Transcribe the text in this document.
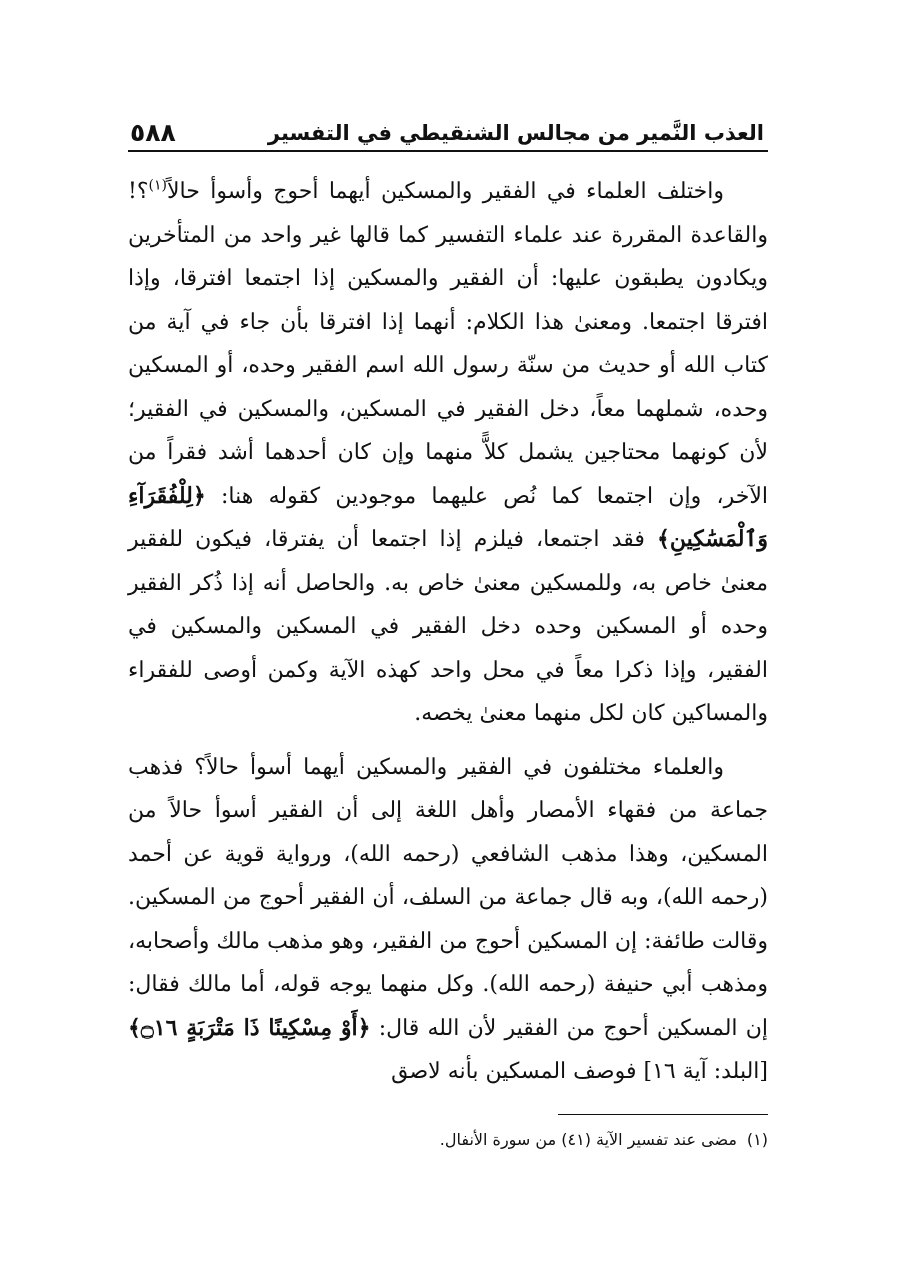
العذب النَّمير من مجالس الشنقيطي في التفسير
٥٨٨

واختلف العلماء في الفقير والمسكين أيهما أحوج وأسوأ حالاً$^{(١)}$؟! والقاعدة المقررة عند علماء التفسير كما قالها غير واحد من المتأخرين ويكادون يطبقون عليها: أن الفقير والمسكين إذا اجتمعا افترقا، وإذا افترقا اجتمعا. ومعنىٰ هذا الكلام: أنهما إذا افترقا بأن جاء في آية من كتاب الله أو حديث من سنّة رسول الله اسم الفقير وحده، أو المسكين وحده، شملهما معاً، دخل الفقير في المسكين، والمسكين في الفقير؛ لأن كونهما محتاجين يشمل كلاًّ منهما وإن كان أحدهما أشد فقراً من الآخر، وإن اجتمعا كما نُص عليهما موجودين كقوله هنا: ﴿لِلْفُقَرَآءِ وَٱلْمَسَٰكِينِ﴾ فقد اجتمعا، فيلزم إذا اجتمعا أن يفترقا، فيكون للفقير معنىٰ خاص به، وللمسكين معنىٰ خاص به. والحاصل أنه إذا ذُكر الفقير وحده أو المسكين وحده دخل الفقير في المسكين والمسكين في الفقير، وإذا ذكرا معاً في محل واحد كهذه الآية وكمن أوصى للفقراء والمساكين كان لكل منهما معنىٰ يخصه.

والعلماء مختلفون في الفقير والمسكين أيهما أسوأ حالاً؟ فذهب جماعة من فقهاء الأمصار وأهل اللغة إلى أن الفقير أسوأ حالاً من المسكين، وهذا مذهب الشافعي (رحمه الله)، ورواية قوية عن أحمد (رحمه الله)، وبه قال جماعة من السلف، أن الفقير أحوج من المسكين. وقالت طائفة: إن المسكين أحوج من الفقير، وهو مذهب مالك وأصحابه، ومذهب أبي حنيفة (رحمه الله). وكل منهما يوجه قوله، أما مالك فقال: إن المسكين أحوج من الفقير لأن الله قال: ﴿أَوْ مِسْكِينًا ذَا مَتْرَبَةٍ ۝١٦﴾ [البلد: آية ١٦] فوصف المسكين بأنه لاصق

(١)مضى عند تفسير الآية (٤١) من سورة الأنفال.
